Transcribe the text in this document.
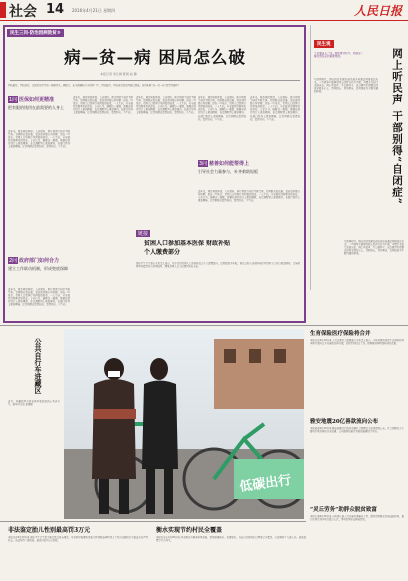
社会 14 2016年4月21日 星期四	人民日报
民生三问·防治因病致贫③
病—贫—病 困局怎么破
本报记者 李红梅 陈晨 赵 静
1问 医保如何更精准
把有限的钱用在最需要的人身上
2问 政府部门如何合力
建立工作联动机制，形成兜底保障
3问 慈善如何能帮得上
引导社会力量参与，补齐救助短板
因病致贫、因病返贫，是脱贫攻坚中的一块硬骨头。据统计，在全国建档立卡贫困户中，因病致贫、因病返贫的比例超过四成。如何斩断“病—贫—病”的恶性循环？
近年来，城乡居民医保、大病保险、医疗救助等制度不断完善，贫困群众看病难、看病贵问题有所缓解。但在一些地方，贫困人口的医疗负担依然较重，一人生病，全家致贫的现象仍然存在。专家认为，破解这一难题，需要在制度设计上更加精准，在资源配置上更加倾斜，在部门协作上更加顺畅，让贫困群众看得起病、看得好病、少生病。
近年来，城乡居民医保、大病保险、医疗救助等制度不断完善，贫困群众看病难、看病贵问题有所缓解。但在一些地方，贫困人口的医疗负担依然较重，一人生病，全家致贫的现象仍然存在。专家认为，破解这一难题，需要在制度设计上更加精准，在资源配置上更加倾斜，在部门协作上更加顺畅，让贫困群众看得起病、看得好病、少生病。
近年来，城乡居民医保、大病保险、医疗救助等制度不断完善，贫困群众看病难、看病贵问题有所缓解。但在一些地方，贫困人口的医疗负担依然较重，一人生病，全家致贫的现象仍然存在。专家认为，破解这一难题，需要在制度设计上更加精准，在资源配置上更加倾斜，在部门协作上更加顺畅，让贫困群众看得起病、看得好病、少生病。
近年来，城乡居民医保、大病保险、医疗救助等制度不断完善，贫困群众看病难、看病贵问题有所缓解。但在一些地方，贫困人口的医疗负担依然较重，一人生病，全家致贫的现象仍然存在。专家认为，破解这一难题，需要在制度设计上更加精准，在资源配置上更加倾斜，在部门协作上更加顺畅，让贫困群众看得起病、看得好病、少生病。
近年来，城乡居民医保、大病保险、医疗救助等制度不断完善，贫困群众看病难、看病贵问题有所缓解。但在一些地方，贫困人口的医疗负担依然较重，一人生病，全家致贫的现象仍然存在。专家认为，破解这一难题，需要在制度设计上更加精准，在资源配置上更加倾斜，在部门协作上更加顺畅，让贫困群众看得起病、看得好病、少生病。
近年来，城乡居民医保、大病保险、医疗救助等制度不断完善，贫困群众看病难、看病贵问题有所缓解。但在一些地方，贫困人口的医疗负担依然较重，一人生病，全家致贫的现象仍然存在。专家认为，破解这一难题，需要在制度设计上更加精准，在资源配置上更加倾斜，在部门协作上更加顺畅，让贫困群众看得起病、看得好病、少生病。
近年来，城乡居民医保、大病保险、医疗救助等制度不断完善，贫困群众看病难、看病贵问题有所缓解。但在一些地方，贫困人口的医疗负担依然较重，一人生病，全家致贫的现象仍然存在。专家认为，破解这一难题，需要在制度设计上更加精准，在资源配置上更加倾斜，在部门协作上更加顺畅，让贫困群众看得起病、看得好病、少生病。
链接
贫困人口参加基本医保 财政补贴个人缴费部分
国家卫生计生委有关负责人表示，对于农村贫困人口参加新农合个人缴费部分，由财政给予补贴，新农合和大病保险制度对贫困人口实行政策倾斜，门诊统筹率先覆盖所有贫困地区，降低贫困人口大病费用实际支出。
民生观
干部要深入一线，倾听群众呼声，网络是了解社情民意的重要渠道。	网上听民声 干部别得“自闭症”
互联网时代，群众的意见建议越来越多地通过网络表达出来。一些领导干部却对网上的声音充耳不闻，习惯于关起门来做决策。网上听民声，不是做样子，而是要真正把群众的诉求放在心上，及时回应，切实解决，让网络成为干群沟通的桥梁。
互联网时代，群众的意见建议越来越多地通过网络表达出来。一些领导干部却对网上的声音充耳不闻，习惯于关起门来做决策。网上听民声，不是做样子，而是要真正把群众的诉求放在心上，及时回应，切实解决，让网络成为干群沟通的桥梁。
公共自行车进藏区
近日，西藏拉萨市民在体验新投放的公共自行车。新华社记者 觉果摄
低碳出行
生育保险医疗保险将合并
本报北京4月20日电 人力资源社会保障部有关负责人表示，今年将研究制定生育保险和基本医疗保险合并实施的具体方案，适时启动试点工作，统筹推进两项保险制度改革。
雅安地震20亿善款流向公布
本报成都4月20日电 雅安地震灾后恢复重建社会捐赠资金使用情况公布，社会捐赠资金主要用于城乡居民住房重建、公共服务设施及基础设施建设等项目。
“灵丘劳务”助胖众脱贫致富
本报太原4月20日电 山西灵丘县大力实施劳务输出工程，组织贫困群众参加技能培训，累计转移农村劳动力数万人次，带动贫困家庭增收脱贫。
非法鉴定胎儿性别最高罚3万元
本报北京4月20日电 国家卫生计生委等部门联合发布规定，对非医学需要鉴定胎儿性别和选择性别人工终止妊娠的行为依法予以严厉打击，违法所得一律没收，最高可处3万元罚款。
衡水实现节约村民全覆盖
本报石家庄4月20日电 河北衡水市推进移风易俗，倡导婚事新办、丧事简办，目前已实现村红白理事会全覆盖，有效遏制了大操大办、铺张浪费等不良风气。
